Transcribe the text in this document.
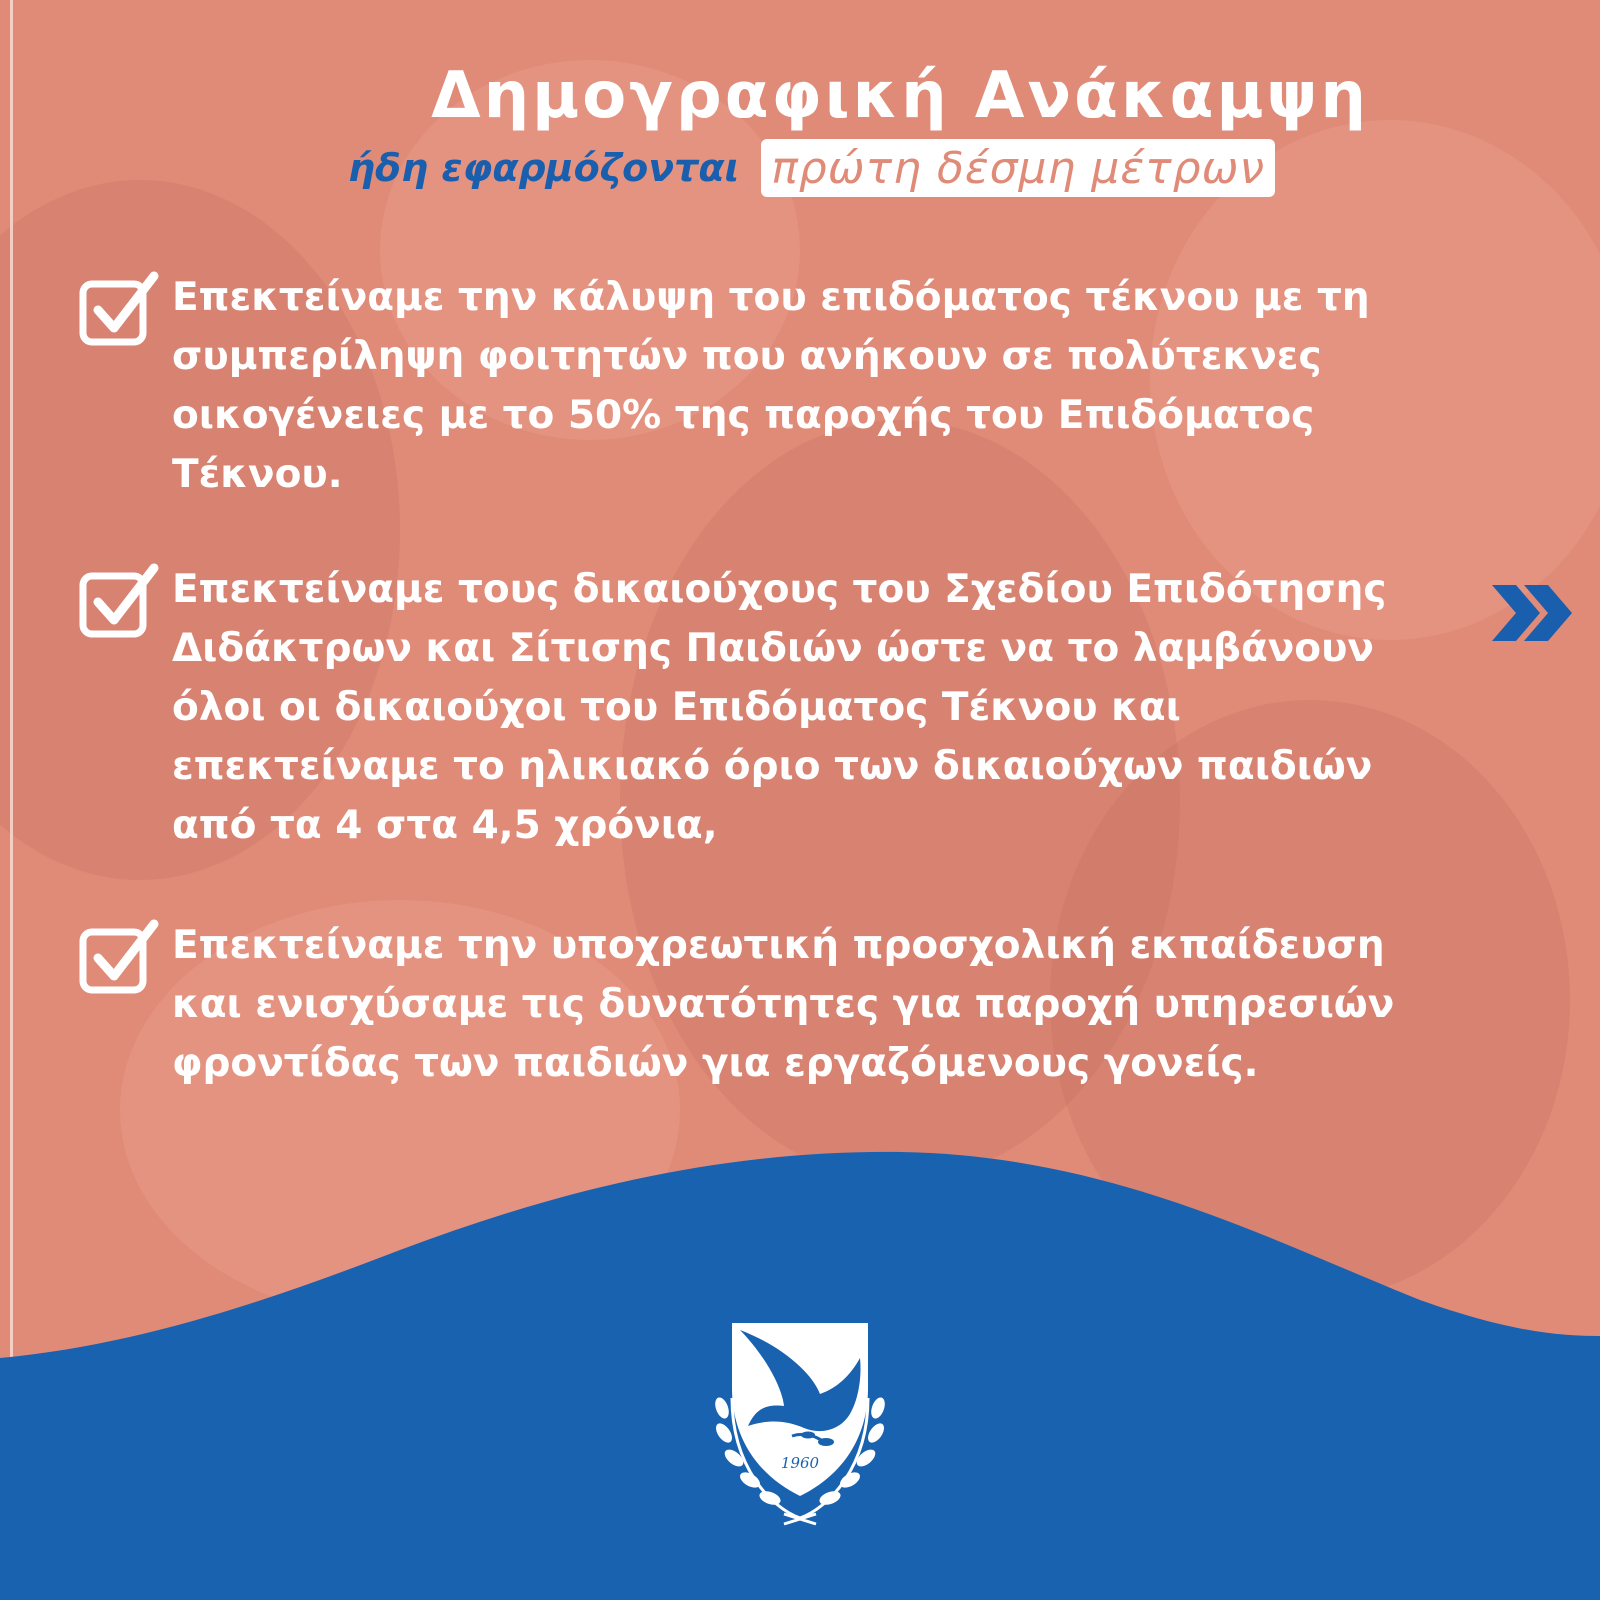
Δημογραφική Ανάκαμψη
ήδη εφαρμόζονται πρώτη δέσμη μέτρων
Επεκτείναμε την κάλυψη του επιδόματος τέκνου με τη συμπερίληψη φοιτητών που ανήκουν σε πολύτεκνες οικογένειες με το 50% της παροχής του Επιδόματος Τέκνου.
Επεκτείναμε τους δικαιούχους του Σχεδίου Επιδότησης Διδάκτρων και Σίτισης Παιδιών ώστε να το λαμβάνουν όλοι οι δικαιούχοι του Επιδόματος Τέκνου και επεκτείναμε το ηλικιακό όριο των δικαιούχων παιδιών από τα 4 στα 4,5 χρόνια,
Επεκτείναμε την υποχρεωτική προσχολική εκπαίδευση και ενισχύσαμε τις δυνατότητες για παροχή υπηρεσιών φροντίδας των παιδιών για εργαζόμενους γονείς.
1960
